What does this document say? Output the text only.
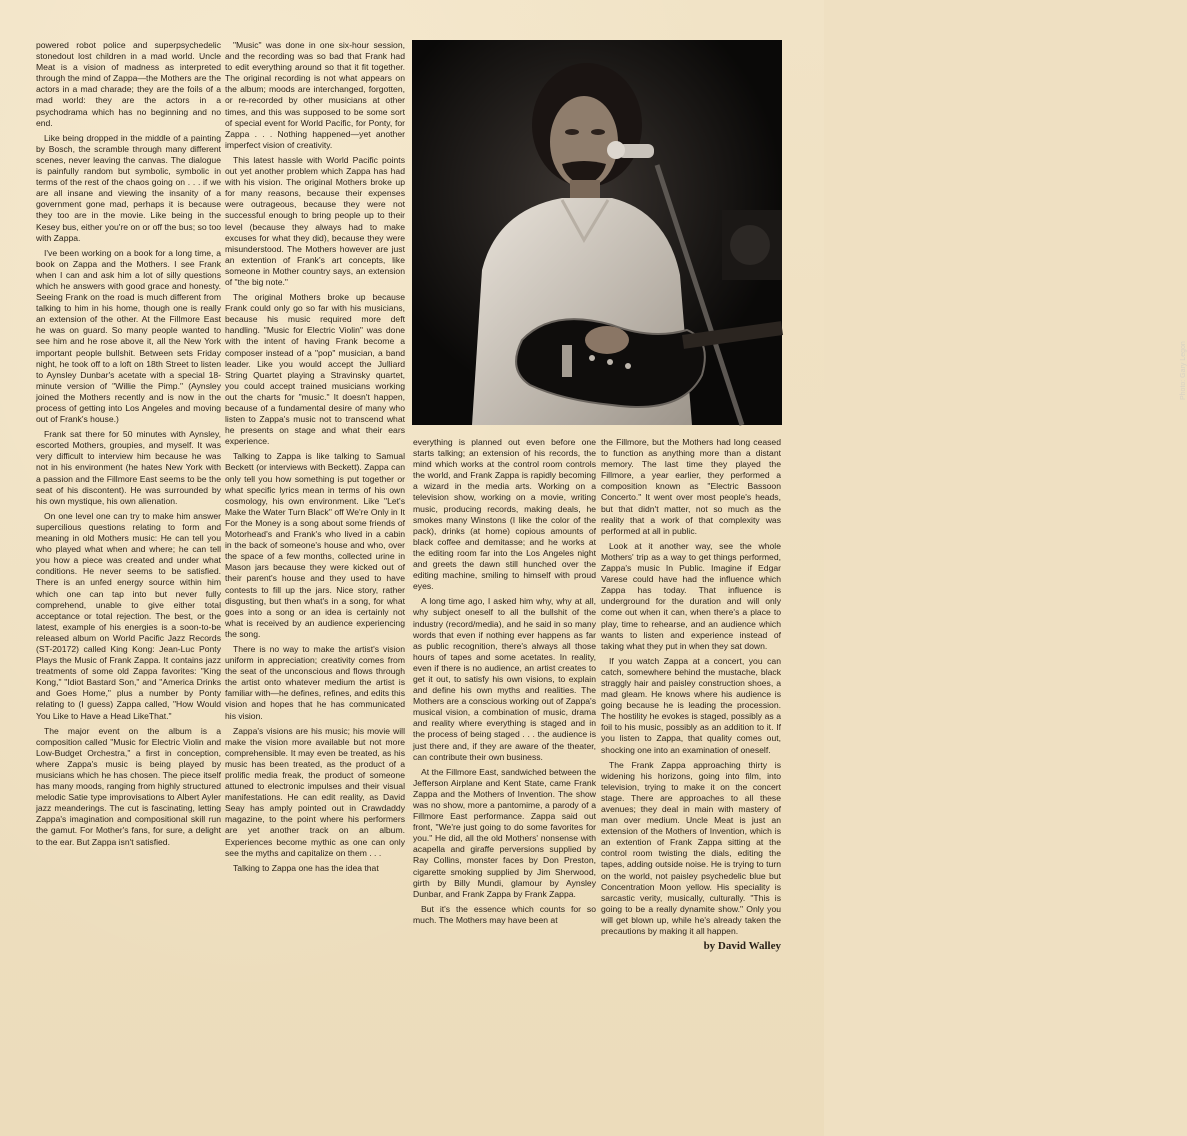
powered robot police and superpsychedelic stonedout lost children in a mad world. Uncle Meat is a vision of madness as interpreted through the mind of Zappa—the Mothers are the actors in a mad charade; they are the foils of a mad world: they are the actors in a psychodrama which has no beginning and no end.

Like being dropped in the middle of a painting by Bosch, the scramble through many different scenes, never leaving the canvas. The dialogue is painfully random but symbolic, symbolic in terms of the rest of the chaos going on . . . if we are all insane and viewing the insanity of a government gone mad, perhaps it is because they too are in the movie. Like being in the Kesey bus, either you're on or off the bus; so too with Zappa.

I've been working on a book for a long time, a book on Zappa and the Mothers. I see Frank when I can and ask him a lot of silly questions which he answers with good grace and honesty. Seeing Frank on the road is much different from talking to him in his home, though one is really an extension of the other. At the Fillmore East he was on guard. So many people wanted to see him and he rose above it, all the New York important people bullshit. Between sets Friday night, he took off to a loft on 18th Street to listen to Aynsley Dunbar's acetate with a special 18-minute version of "Willie the Pimp." (Aynsley joined the Mothers recently and is now in the process of getting into Los Angeles and moving out of Frank's house.)

Frank sat there for 50 minutes with Aynsley, escorted Mothers, groupies, and myself. It was very difficult to interview him because he was not in his environment (he hates New York with a passion and the Fillmore East seems to be the seat of his discontent). He was surrounded by his own mystique, his own alienation.

On one level one can try to make him answer supercilious questions relating to form and meaning in old Mothers music: He can tell you who played what when and where; he can tell you how a piece was created and under what conditions. He never seems to be satisfied. There is an unfed energy source within him which one can tap into but never fully comprehend, unable to give either total acceptance or total rejection. The best, or the latest, example of his energies is a soon-to-be released album on World Pacific Jazz Records (ST-20172) called King Kong: Jean-Luc Ponty Plays the Music of Frank Zappa. It contains jazz treatments of some old Zappa favorites: "King Kong," "Idiot Bastard Son," and "America Drinks and Goes Home," plus a number by Ponty relating to (I guess) Zappa called, "How Would You Like to Have a Head LikeThat."

The major event on the album is a composition called "Music for Electric Violin and Low-Budget Orchestra," a first in conception, where Zappa's music is being played by musicians which he has chosen. The piece itself has many moods, ranging from highly structured melodic Satie type improvisations to Albert Ayler jazz meanderings. The cut is fascinating, letting Zappa's imagination and compositional skill run the gamut. For Mother's fans, for sure, a delight to the ear. But Zappa isn't satisfied.

"Music" was done in one six-hour session, and the recording was so bad that Frank had to edit everything around so that it fit together. The original recording is not what appears on the album; moods are interchanged, forgotten, or re-recorded by other musicians at other times, and this was supposed to be some sort of special event for World Pacific, for Ponty, for Zappa . . . Nothing happened—yet another imperfect vision of creativity.

This latest hassle with World Pacific points out yet another problem which Zappa has had with his vision. The original Mothers broke up for many reasons, because their expenses were outrageous, because they were not successful enough to bring people up to their level (because they always had to make excuses for what they did), because they were misunderstood. The Mothers however are just an extention of Frank's art concepts, like someone in Mother country says, an extension of "the big note."

The original Mothers broke up because Frank could only go so far with his musicians, because his music required more deft handling. "Music for Electric Violin" was done with the intent of having Frank become a composer instead of a "pop" musician, a band leader. Like you would accept the Julliard String Quartet playing a Stravinsky quartet, you could accept trained musicians working out the charts for "music." It doesn't happen, because of a fundamental desire of many who listen to Zappa's music not to transcend what he presents on stage and what their ears experience.

Talking to Zappa is like talking to Samual Beckett (or interviews with Beckett). Zappa can only tell you how something is put together or what specific lyrics mean in terms of his own cosmology, his own environment. Like "Let's Make the Water Turn Black" off We're Only in It For the Money is a song about some friends of Motorhead's and Frank's who lived in a cabin in the back of someone's house and who, over the space of a few months, collected urine in Mason jars because they were kicked out of their parent's house and they used to have contests to fill up the jars. Nice story, rather disgusting, but then what's in a song, for what goes into a song or an idea is certainly not what is received by an audience experiencing the song.

There is no way to make the artist's vision uniform in appreciation; creativity comes from the seat of the unconscious and flows through the artist onto whatever medium the artist is familiar with—he defines, refines, and edits this vision and hopes that he has communicated his vision.

Zappa's visions are his music; his movie will make the vision more available but not more comprehensible. It may even be treated, as his music has been treated, as the product of a prolific media freak, the product of someone attuned to electronic impulses and their visual manifestations. He can edit reality, as David Seay has amply pointed out in Crawdaddy magazine, to the point where his performers are yet another track on an album. Experiences become mythic as one can only see the myths and capitalize on them . . .

Talking to Zappa one has the idea that

Photo: Gary Legon

everything is planned out even before one starts talking; an extension of his records, the mind which works at the control room controls the world, and Frank Zappa is rapidly becoming a wizard in the media arts. Working on a television show, working on a movie, writing music, producing records, making deals, he smokes many Winstons (I like the color of the pack), drinks (at home) copious amounts of black coffee and demitasse; and he works at the editing room far into the Los Angeles night and greets the dawn still hunched over the editing machine, smiling to himself with proud eyes.

A long time ago, I asked him why, why at all, why subject oneself to all the bullshit of the industry (record/media), and he said in so many words that even if nothing ever happens as far as public recognition, there's always all those hours of tapes and some acetates. In reality, even if there is no audience, an artist creates to get it out, to satisfy his own visions, to explain and define his own myths and realities. The Mothers are a conscious working out of Zappa's musical vision, a combination of music, drama and reality where everything is staged and in the process of being staged . . . the audience is just there and, if they are aware of the theater, can contribute their own business.

At the Fillmore East, sandwiched between the Jefferson Airplane and Kent State, came Frank Zappa and the Mothers of Invention. The show was no show, more a pantomime, a parody of a Fillmore East performance. Zappa said out front, "We're just going to do some favorites for you." He did, all the old Mothers' nonsense with acapella and giraffe perversions supplied by Ray Collins, monster faces by Don Preston, cigarette smoking supplied by Jim Sherwood, girth by Billy Mundi, glamour by Aynsley Dunbar, and Frank Zappa by Frank Zappa.

But it's the essence which counts for so much. The Mothers may have been at

the Fillmore, but the Mothers had long ceased to function as anything more than a distant memory. The last time they played the Fillmore, a year earlier, they performed a composition known as "Electric Bassoon Concerto." It went over most people's heads, but that didn't matter, not so much as the reality that a work of that complexity was performed at all in public.

Look at it another way, see the whole Mothers' trip as a way to get things performed, Zappa's music In Public. Imagine if Edgar Varese could have had the influence which Zappa has today. That influence is underground for the duration and will only come out when it can, when there's a place to play, time to rehearse, and an audience which wants to listen and experience instead of taking what they put in when they sat down.

If you watch Zappa at a concert, you can catch, somewhere behind the mustache, black straggly hair and paisley construction shoes, a mad gleam. He knows where his audience is going because he is leading the procession. The hostility he evokes is staged, possibly as a foil to his music, possibly as an addition to it. If you listen to Zappa, that quality comes out, shocking one into an examination of oneself.

The Frank Zappa approaching thirty is widening his horizons, going into film, into television, trying to make it on the concert stage. There are approaches to all these avenues; they deal in main with mastery of man over medium. Uncle Meat is just an extension of the Mothers of Invention, which is an extention of Frank Zappa sitting at the control room twisting the dials, editing the tapes, adding outside noise. He is trying to turn on the world, not paisley psychedelic blue but Concentration Moon yellow. His speciality is sarcastic verity, musically, culturally. "This is going to be a really dynamite show." Only you will get blown up, while he's already taken the precautions by making it all happen.

by David Walley
